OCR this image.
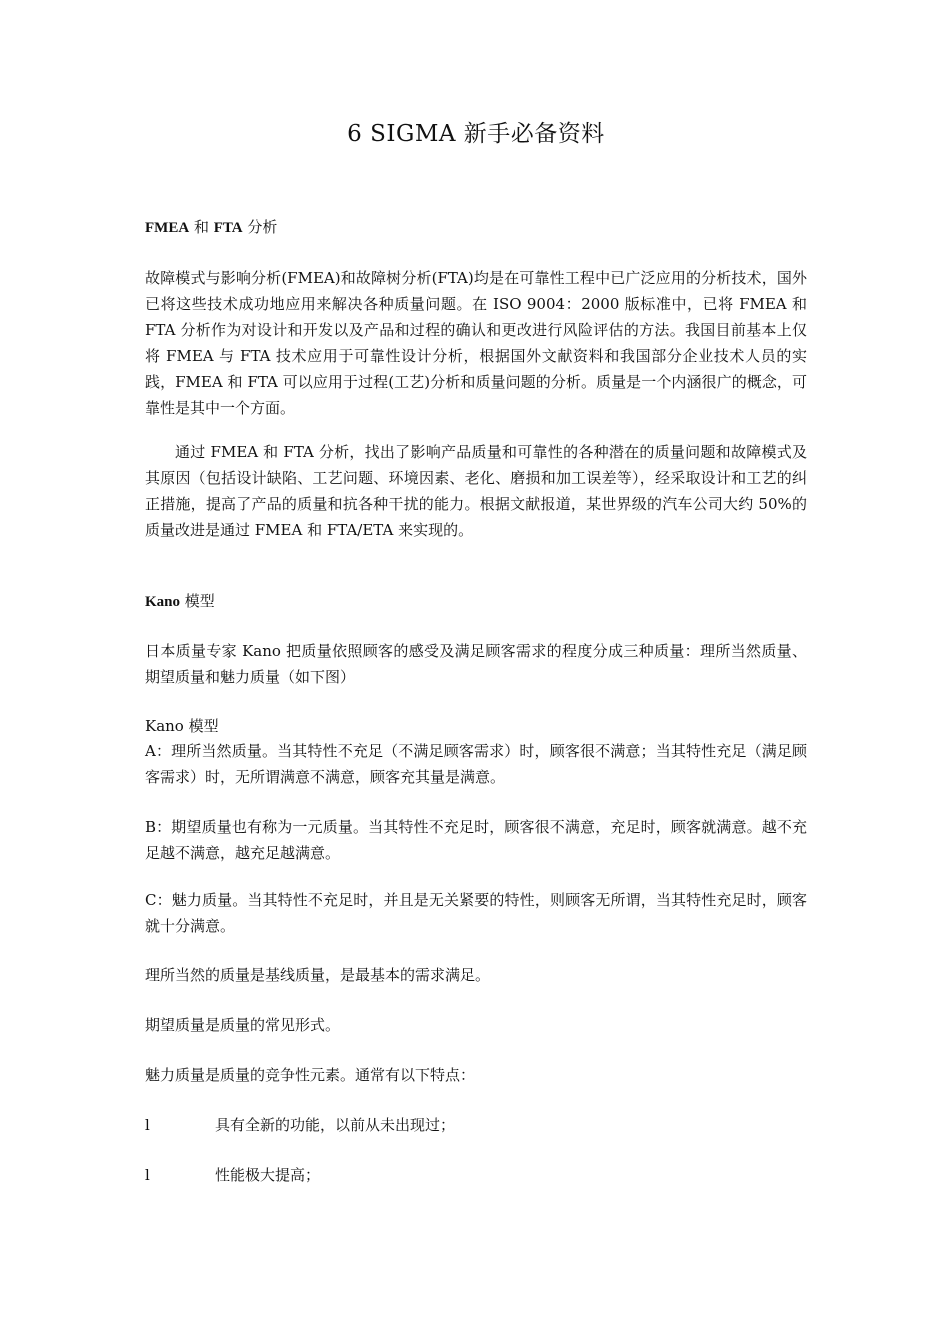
6 SIGMA 新手必备资料

FMEA 和 FTA 分析

故障模式与影响分析(FMEA)和故障树分析(FTA)均是在可靠性工程中已广泛应用的分析技术，国外已将这些技术成功地应用来解决各种质量问题。在 ISO 9004：2000 版标准中，已将 FMEA 和 FTA 分析作为对设计和开发以及产品和过程的确认和更改进行风险评估的方法。我国目前基本上仅将 FMEA 与 FTA 技术应用于可靠性设计分析，根据国外文献资料和我国部分企业技术人员的实践，FMEA 和 FTA 可以应用于过程(工艺)分析和质量问题的分析。质量是一个内涵很广的概念，可靠性是其中一个方面。

通过 FMEA 和 FTA 分析，找出了影响产品质量和可靠性的各种潜在的质量问题和故障模式及其原因（包括设计缺陷、工艺问题、环境因素、老化、磨损和加工误差等），经采取设计和工艺的纠正措施，提高了产品的质量和抗各种干扰的能力。根据文献报道，某世界级的汽车公司大约 50%的质量改进是通过 FMEA 和 FTA/ETA 来实现的。

Kano 模型

日本质量专家 Kano 把质量依照顾客的感受及满足顾客需求的程度分成三种质量：理所当然质量、期望质量和魅力质量（如下图）

Kano 模型

A：理所当然质量。当其特性不充足（不满足顾客需求）时，顾客很不满意；当其特性充足（满足顾客需求）时，无所谓满意不满意，顾客充其量是满意。

B：期望质量也有称为一元质量。当其特性不充足时，顾客很不满意，充足时，顾客就满意。越不充足越不满意，越充足越满意。

C：魅力质量。当其特性不充足时，并且是无关紧要的特性，则顾客无所谓，当其特性充足时，顾客就十分满意。

理所当然的质量是基线质量，是最基本的需求满足。

期望质量是质量的常见形式。

魅力质量是质量的竞争性元素。通常有以下特点：

l	具有全新的功能，以前从未出现过；

l	性能极大提高；
